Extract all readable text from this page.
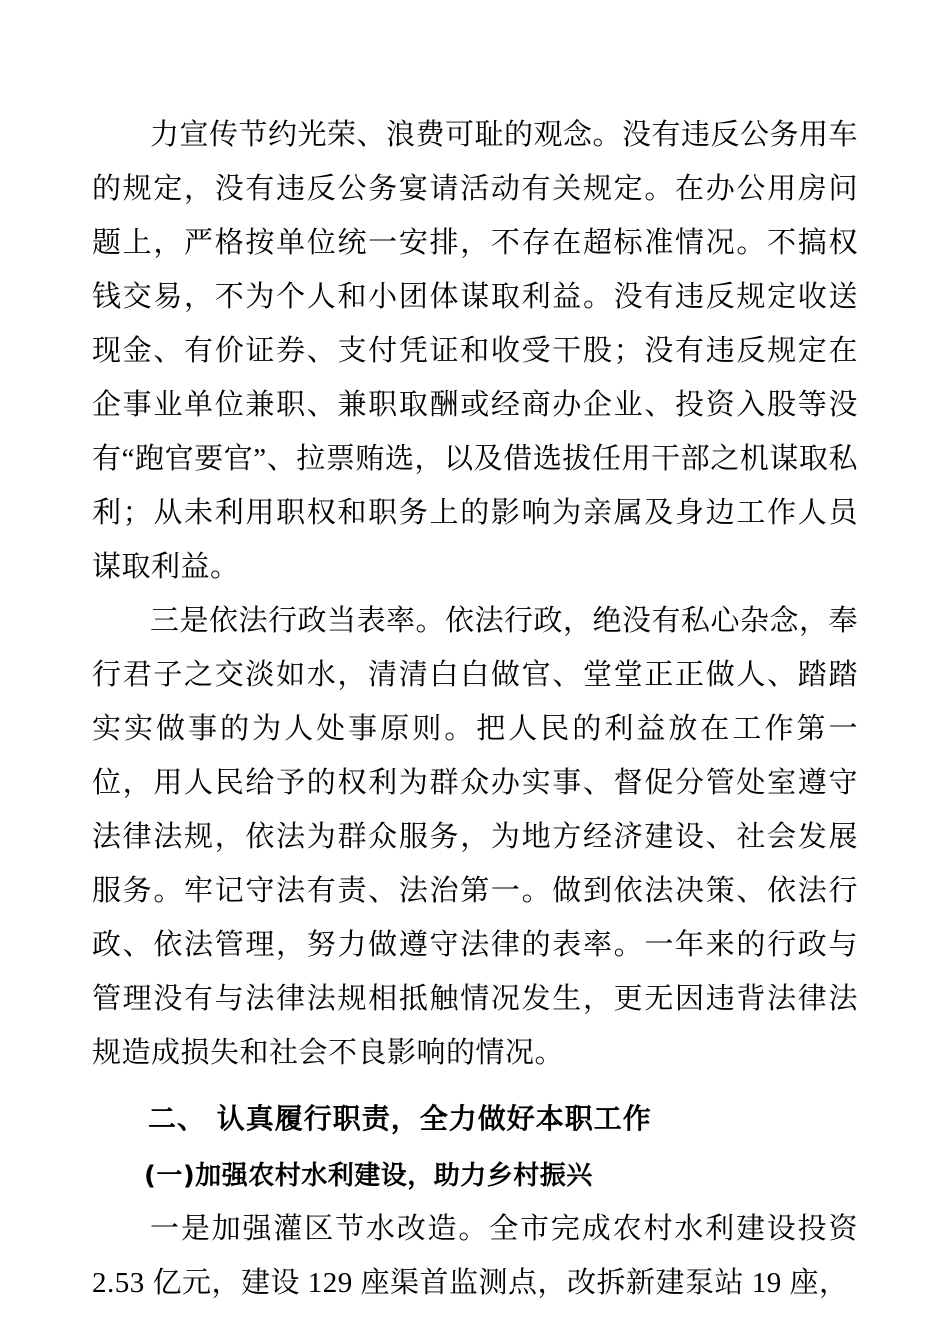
力宣传节约光荣、浪费可耻的观念。没有违反公务用车的规定，没有违反公务宴请活动有关规定。在办公用房问题上，严格按单位统一安排，不存在超标准情况。不搞权钱交易，不为个人和小团体谋取利益。没有违反规定收送现金、有价证券、支付凭证和收受干股；没有违反规定在企事业单位兼职、兼职取酬或经商办企业、投资入股等没有“跑官要官”、拉票贿选，以及借选拔任用干部之机谋取私利；从未利用职权和职务上的影响为亲属及身边工作人员谋取利益。

三是依法行政当表率。依法行政，绝没有私心杂念，奉行君子之交淡如水，清清白白做官、堂堂正正做人、踏踏实实做事的为人处事原则。把人民的利益放在工作第一位，用人民给予的权利为群众办实事、督促分管处室遵守法律法规，依法为群众服务，为地方经济建设、社会发展服务。牢记守法有责、法治第一。做到依法决策、依法行政、依法管理，努力做遵守法律的表率。一年来的行政与管理没有与法律法规相抵触情况发生，更无因违背法律法规造成损失和社会不良影响的情况。

二、 认真履行职责，全力做好本职工作

(一)加强农村水利建设，助力乡村振兴

一是加强灌区节水改造。全市完成农村水利建设投资 2.53 亿元，建设 129 座渠首监测点，改拆新建泵站 19 座，
